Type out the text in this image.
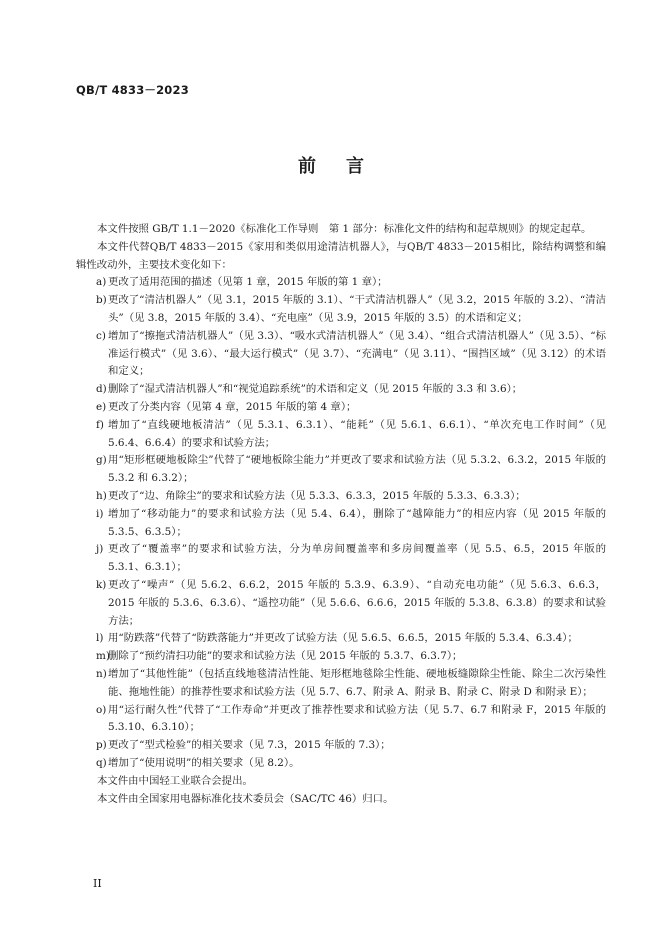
QB/T 4833－2023
前 言

本文件按照 GB/T 1.1－2020《标准化工作导则　第 1 部分：标准化文件的结构和起草规则》的规定起草。

本文件代替QB/T 4833－2015《家用和类似用途清洁机器人》，与QB/T 4833－2015相比，除结构调整和编辑性改动外，主要技术变化如下：

a) 更改了适用范围的描述（见第 1 章，2015 年版的第 1 章）；
b) 更改了“清洁机器人”（见 3.1，2015 年版的 3.1）、“干式清洁机器人”（见 3.2，2015 年版的 3.2）、“清洁头”（见 3.8，2015 年版的 3.4）、“充电座”（见 3.9，2015 年版的 3.5）的术语和定义；
c) 增加了“擦拖式清洁机器人”（见 3.3）、“吸水式清洁机器人”（见 3.4）、“组合式清洁机器人”（见 3.5）、“标准运行模式”（见 3.6）、“最大运行模式”（见 3.7）、“充满电”（见 3.11）、“围挡区域”（见 3.12）的术语和定义；
d) 删除了“湿式清洁机器人”和“视觉追踪系统”的术语和定义（见 2015 年版的 3.3 和 3.6）；
e) 更改了分类内容（见第 4 章，2015 年版的第 4 章）；
f) 增加了“直线硬地板清洁”（见 5.3.1、6.3.1）、“能耗”（见 5.6.1、6.6.1）、“单次充电工作时间”（见 5.6.4、6.6.4）的要求和试验方法；
g) 用“矩形框硬地板除尘”代替了“硬地板除尘能力”并更改了要求和试验方法（见 5.3.2、6.3.2，2015 年版的 5.3.2 和 6.3.2）；
h) 更改了“边、角除尘”的要求和试验方法（见 5.3.3、6.3.3，2015 年版的 5.3.3、6.3.3）；
i) 增加了“移动能力”的要求和试验方法（见 5.4、6.4），删除了“越障能力”的相应内容（见 2015 年版的 5.3.5、6.3.5）；
j) 更改了“覆盖率”的要求和试验方法，分为单房间覆盖率和多房间覆盖率（见 5.5、6.5，2015 年版的 5.3.1、6.3.1）；
k) 更改了“噪声”（见 5.6.2、6.6.2，2015 年版的 5.3.9、6.3.9）、“自动充电功能”（见 5.6.3、6.6.3，2015 年版的 5.3.6、6.3.6）、“遥控功能”（见 5.6.6、6.6.6，2015 年版的 5.3.8、6.3.8）的要求和试验方法；
l) 用“防跌落”代替了“防跌落能力”并更改了试验方法（见 5.6.5、6.6.5，2015 年版的 5.3.4、6.3.4）；
m)
删除了“预约清扫功能”的要求和试验方法（见 2015 年版的 5.3.7、6.3.7）；
n) 增加了“其他性能”（包括直线地毯清洁性能、矩形框地毯除尘性能、硬地板缝隙除尘性能、除尘二次污染性能、拖地性能）的推荐性要求和试验方法（见 5.7、6.7、附录 A、附录 B、附录 C、附录 D 和附录 E）；
o) 用“运行耐久性”代替了“工作寿命”并更改了推荐性要求和试验方法（见 5.7、6.7 和附录 F，2015 年版的 5.3.10、6.3.10）；
p) 更改了“型式检验”的相关要求（见 7.3，2015 年版的 7.3）；
q) 增加了“使用说明”的相关要求（见 8.2）。

本文件由中国轻工业联合会提出。

本文件由全国家用电器标准化技术委员会（SAC/TC 46）归口。

II
